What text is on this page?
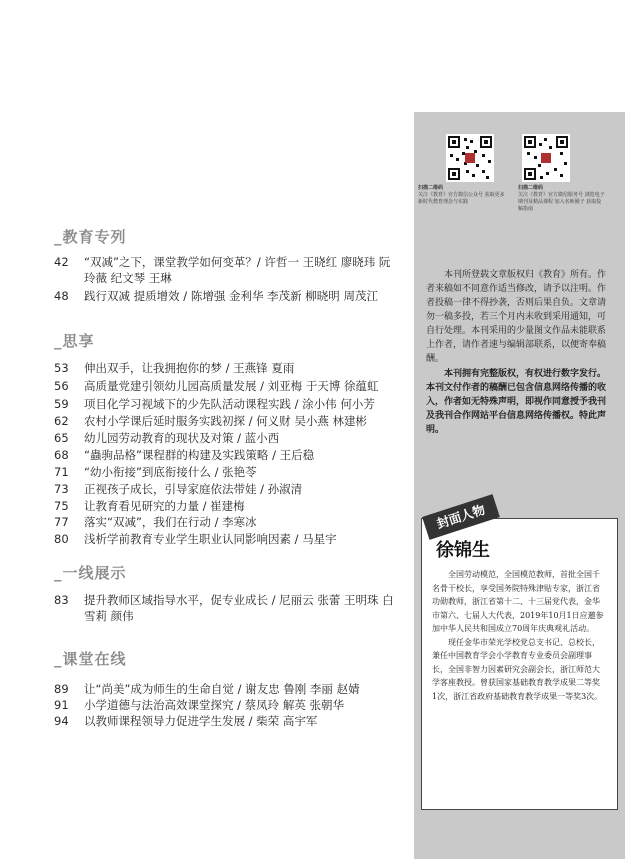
_教育专列
42	“双减”之下，课堂教学如何变革？/ 许哲一 王晓红 廖晓玮 阮玲薇 纪文琴 王琳
48	践行双减 提质增效 / 陈增强 金利华 李茂新 柳晓明 周茂江
_思享
53	伸出双手，让我拥抱你的梦 / 王燕锋 夏雨
56	高质量党建引领幼儿园高质量发展 / 刘亚梅 于天博 徐蕴虹
59	项目化学习视域下的少先队活动课程实践 / 涂小伟 何小芳
62	农村小学课后延时服务实践初探 / 何义财 吴小燕 林建彬
65	幼儿园劳动教育的现状及对策 / 蓝小西
68	“蟲驹品格”课程群的构建及实践策略 / 王后稳
71	“幼小衔接”到底衔接什么 / 张艳苓
73	正视孩子成长，引导家庭依法带娃 / 孙淑清
75	让教育看见研究的力量 / 崔建梅
77	落实“双减”，我们在行动 / 李寒冰
80	浅析学前教育专业学生职业认同影响因素 / 马星宇
_一线展示
83	提升教师区域指导水平，促专业成长 / 尼丽云 张蕾 王明珠 白雪莉 颜伟
_课堂在线
89	让“尚美”成为师生的生命自觉 / 谢友忠 鲁刚 李丽 赵婧
91	小学道德与法治高效课堂探究 / 蔡凤玲 解英 张朝华
94	以教师课程领导力促进学生发展 / 柴荣 高宇军
扫描二维码
关注《教育》官方微信公众号 获取更多新时代教育理念与实践
扫描二维码
关注《教育》官方微信服务号 浏览电子期刊及精品课程 加入名师圈子 获取投稿指南

本刊所登载文章版权归《教育》所有。作者来稿如不同意作适当修改，请予以注明。作者投稿一律不得抄袭，否则后果自负。文章请勿一稿多投，若三个月内未收到采用通知，可自行处理。本刊采用的少量图文作品未能联系上作者，请作者速与编辑部联系，以便寄奉稿酬。

本刊拥有完整版权，有权进行数字发行。本刊文付作者的稿酬已包含信息网络传播的收入，作者如无特殊声明，即视作同意授予我刊及我刊合作网站平台信息网络传播权。特此声明。

封面人物
徐锦生

全国劳动模范，全国模范教师，首批全国千名骨干校长，享受国务院特殊津贴专家，浙江省功勋教师，浙江省第十二、十三届党代表，金华市第六、七届人大代表，2019年10月1日应邀参加中华人民共和国成立70周年庆典观礼活动。

现任金华市荣光学校党总支书记、总校长，兼任中国教育学会小学教育专业委员会副理事长，全国非智力因素研究会副会长，浙江师范大学客座教授。曾获国家基础教育教学成果二等奖1次，浙江省政府基础教育教学成果一等奖3次。
